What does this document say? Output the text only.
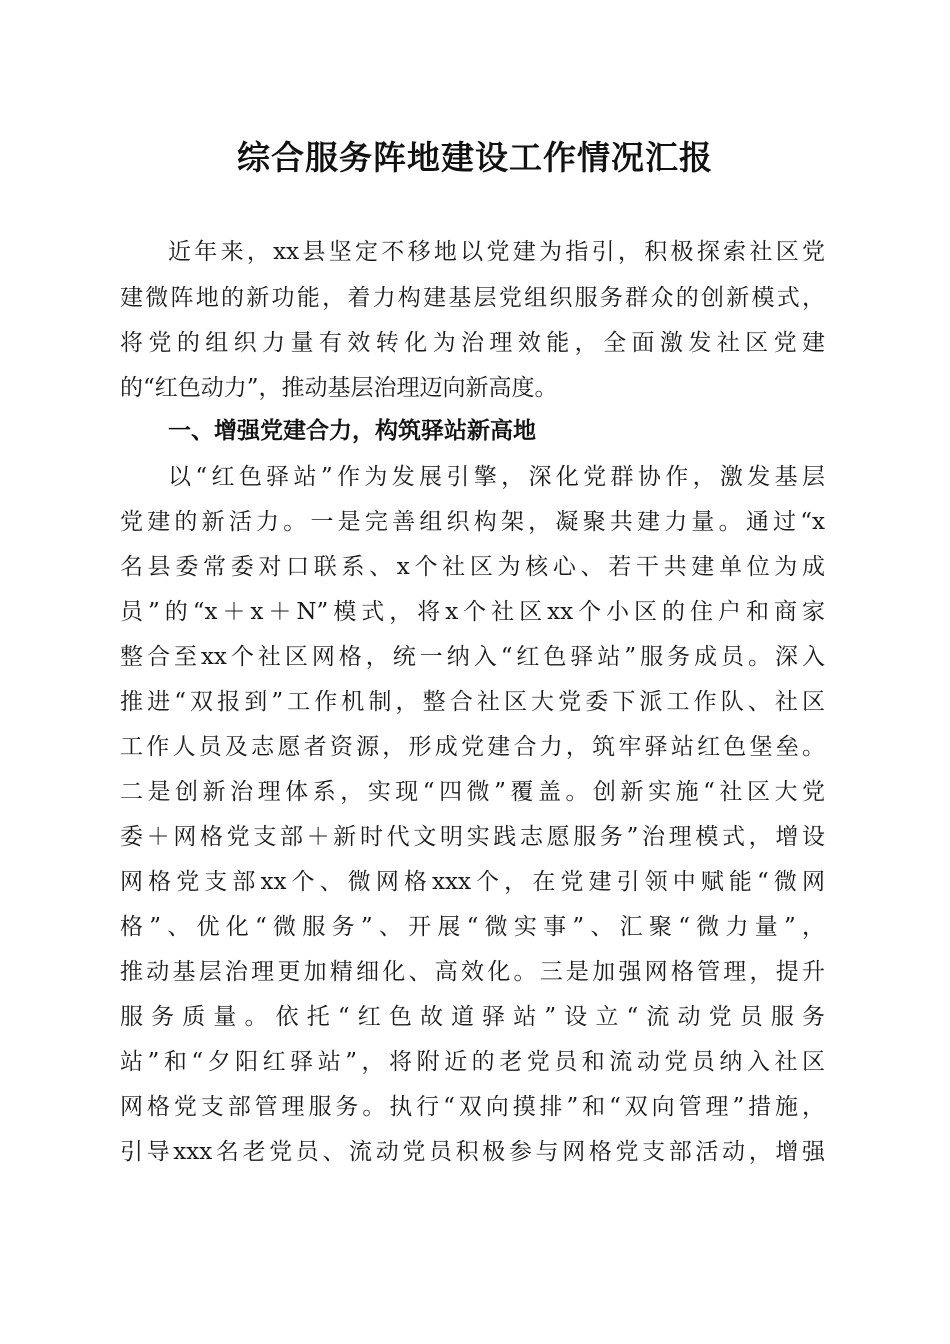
综合服务阵地建设工作情况汇报
近年来，xx县坚定不移地以党建为指引，积极探索社区党
建微阵地的新功能，着力构建基层党组织服务群众的创新模式，
将党的组织力量有效转化为治理效能，全面激发社区党建
的“红色动力”，推动基层治理迈向新高度。
一、增强党建合力，构筑驿站新高地
以“红色驿站”作为发展引擎，深化党群协作，激发基层
党建的新活力。一是完善组织构架，凝聚共建力量。通过“x
名县委常委对口联系、x个社区为核心、若干共建单位为成
员”的“x＋x＋N”模式，将x个社区xx个小区的住户和商家
整合至xx个社区网格，统一纳入“红色驿站”服务成员。深入
推进“双报到”工作机制，整合社区大党委下派工作队、社区
工作人员及志愿者资源，形成党建合力，筑牢驿站红色堡垒。
二是创新治理体系，实现“四微”覆盖。创新实施“社区大党
委＋网格党支部＋新时代文明实践志愿服务”治理模式，增设
网格党支部xx个、微网格xxx个，在党建引领中赋能“微网
格”、优化“微服务”、开展“微实事”、汇聚“微力量”，
推动基层治理更加精细化、高效化。三是加强网格管理，提升
服务质量。依托“红色故道驿站”设立“流动党员服务
站”和“夕阳红驿站”，将附近的老党员和流动党员纳入社区
网格党支部管理服务。执行“双向摸排”和“双向管理”措施，
引导xxx名老党员、流动党员积极参与网格党支部活动，增强
